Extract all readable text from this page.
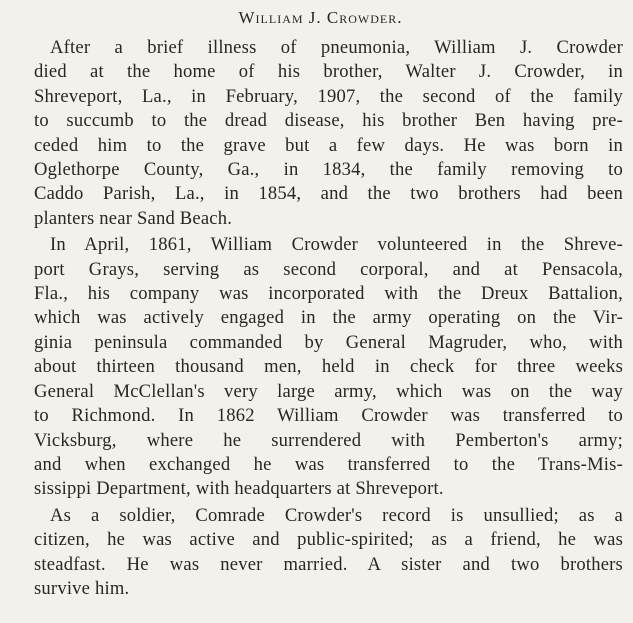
William J. Crowder.
After a brief illness of pneumonia, William J. Crowder
died at the home of his brother, Walter J. Crowder, in
Shreveport, La., in February, 1907, the second of the family
to succumb to the dread disease, his brother Ben having pre-
ceded him to the grave but a few days. He was born in
Oglethorpe County, Ga., in 1834, the family removing to
Caddo Parish, La., in 1854, and the two brothers had been
planters near Sand Beach.
In April, 1861, William Crowder volunteered in the Shreve-
port Grays, serving as second corporal, and at Pensacola,
Fla., his company was incorporated with the Dreux Battalion,
which was actively engaged in the army operating on the Vir-
ginia peninsula commanded by General Magruder, who, with
about thirteen thousand men, held in check for three weeks
General McClellan's very large army, which was on the way
to Richmond. In 1862 William Crowder was transferred to
Vicksburg, where he surrendered with Pemberton's army;
and when exchanged he was transferred to the Trans-Mis-
sissippi Department, with headquarters at Shreveport.
As a soldier, Comrade Crowder's record is unsullied; as a
citizen, he was active and public-spirited; as a friend, he was
steadfast. He was never married. A sister and two brothers
survive him.
